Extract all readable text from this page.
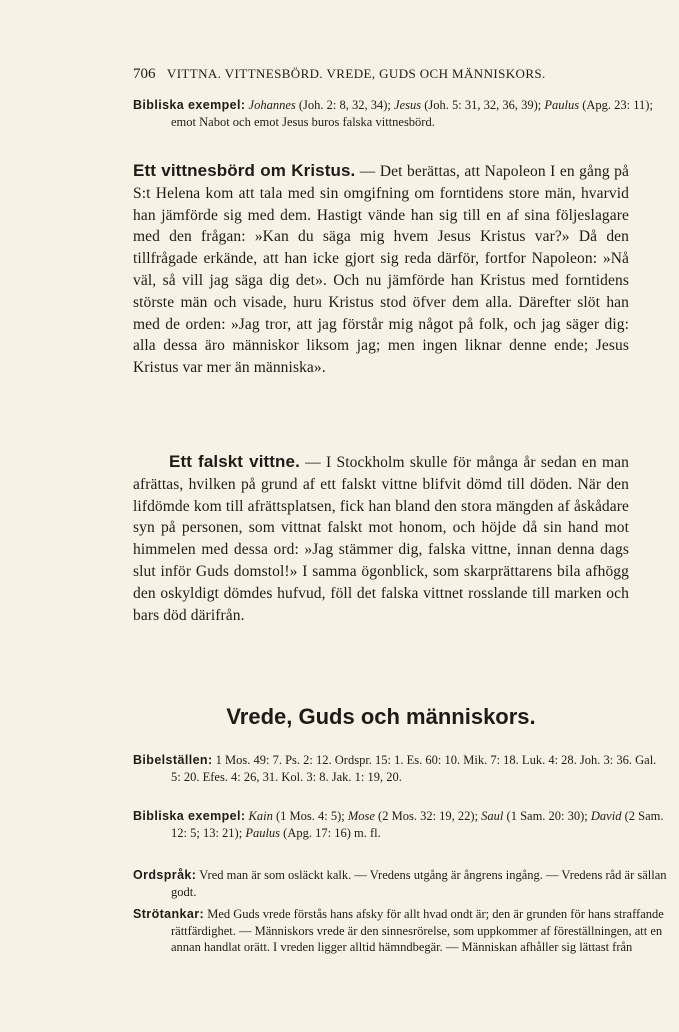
706 VITTNA. VITTNESBÖRD. VREDE, GUDS OCH MÄNNISKORS.
Bibliska exempel: Johannes (Joh. 2: 8, 32, 34); Jesus (Joh. 5: 31, 32, 36, 39); Paulus (Apg. 23: 11); emot Nabot och emot Jesus buros falska vittnesbörd.
Ett vittnesbörd om Kristus. — Det berättas, att Napoleon I en gång på S:t Helena kom att tala med sin omgifning om forntidens store män, hvarvid han jämförde sig med dem. Hastigt vände han sig till en af sina följeslagare med den frågan: »Kan du säga mig hvem Jesus Kristus var?» Då den tillfrågade erkände, att han icke gjort sig reda därför, fortfor Napoleon: »Nå väl, så vill jag säga dig det». Och nu jämförde han Kristus med forntidens störste män och visade, huru Kristus stod öfver dem alla. Därefter slöt han med de orden: »Jag tror, att jag förstår mig något på folk, och jag säger dig: alla dessa äro människor liksom jag; men ingen liknar denne ende; Jesus Kristus var mer än människa».
Ett falskt vittne. — I Stockholm skulle för många år sedan en man afrättas, hvilken på grund af ett falskt vittne blifvit dömd till döden. När den lifdömde kom till afrättsplatsen, fick han bland den stora mängden af åskådare syn på personen, som vittnat falskt mot honom, och höjde då sin hand mot himmelen med dessa ord: »Jag stämmer dig, falska vittne, innan denna dags slut inför Guds domstol!» I samma ögonblick, som skarprättarens bila afhögg den oskyldigt dömdes hufvud, föll det falska vittnet rosslande till marken och bars död därifrån.
Vrede, Guds och människors.
Bibelställen: 1 Mos. 49: 7. Ps. 2: 12. Ordspr. 15: 1. Es. 60: 10. Mik. 7: 18. Luk. 4: 28. Joh. 3: 36. Gal. 5: 20. Efes. 4: 26, 31. Kol. 3: 8. Jak. 1: 19, 20.
Bibliska exempel: Kain (1 Mos. 4: 5); Mose (2 Mos. 32: 19, 22); Saul (1 Sam. 20: 30); David (2 Sam. 12: 5; 13: 21); Paulus (Apg. 17: 16) m. fl.
Ordspråk: Vred man är som osläckt kalk. — Vredens utgång är ångrens ingång. — Vredens råd är sällan godt.
Strötankar: Med Guds vrede förstås hans afsky för allt hvad ondt är; den är grunden för hans straffande rättfärdighet. — Människors vrede är den sinnesrörelse, som uppkommer af föreställningen, att en annan handlat orätt. I vreden ligger alltid hämndbegär. — Människan afhåller sig lättast från
